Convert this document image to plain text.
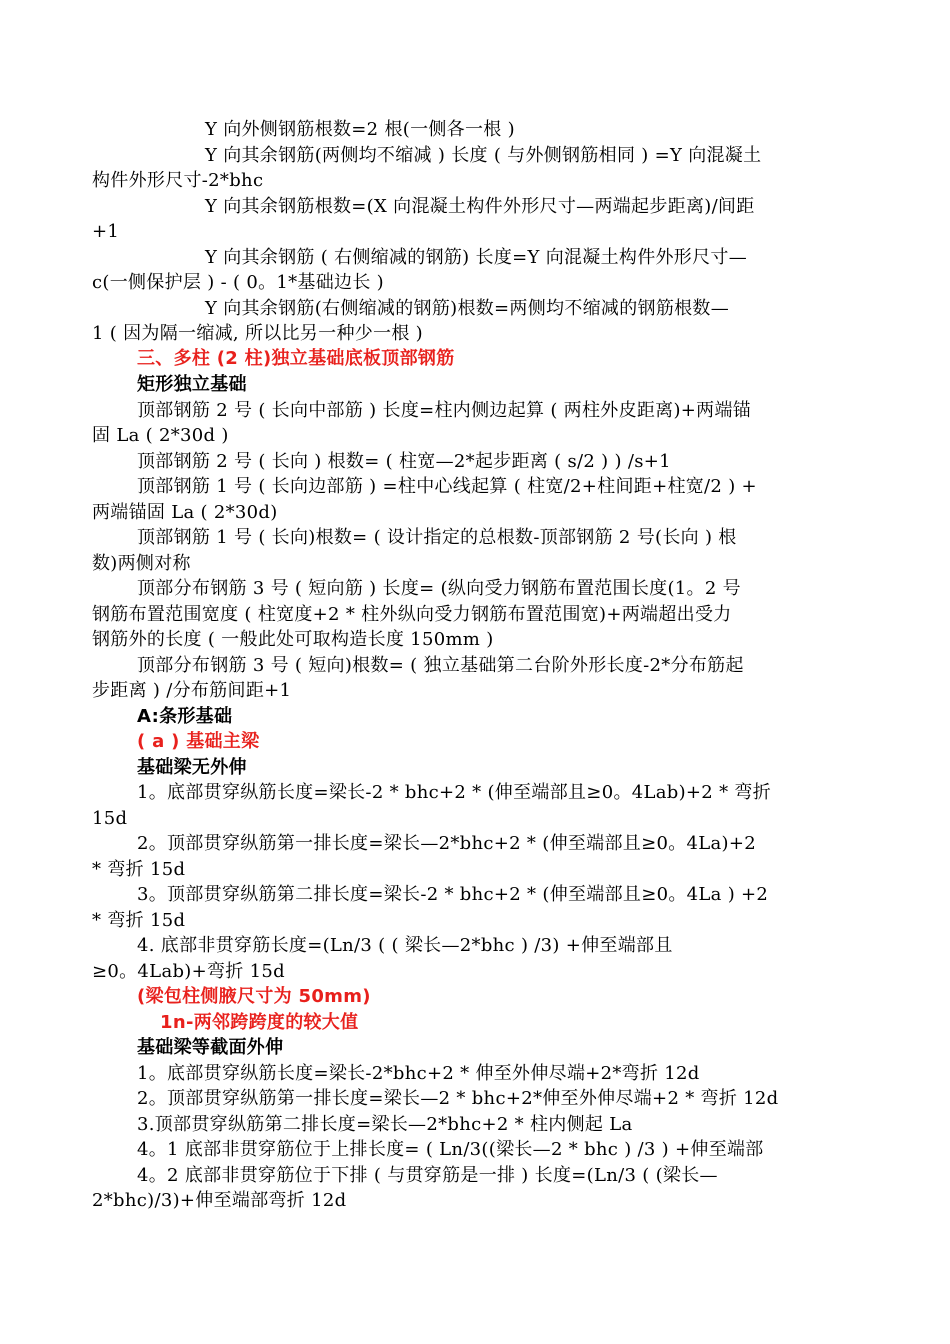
Y 向外侧钢筋根数=2 根(一侧各一根 )
Y 向其余钢筋(两侧均不缩减 ) 长度 ( 与外侧钢筋相同 ) =Y 向混凝土
构件外形尺寸-2*bhc
Y 向其余钢筋根数=(X 向混凝土构件外形尺寸—两端起步距离)/间距
+1
Y 向其余钢筋 ( 右侧缩减的钢筋) 长度=Y 向混凝土构件外形尺寸—
c(一侧保护层 ) - ( 0。1*基础边长 )
Y 向其余钢筋(右侧缩减的钢筋)根数=两侧均不缩减的钢筋根数—
1 ( 因为隔一缩减, 所以比另一种少一根 )
三、多柱 (2 柱)独立基础底板顶部钢筋
矩形独立基础
顶部钢筋 2 号 ( 长向中部筋 ) 长度=柱内侧边起算 ( 两柱外皮距离)+两端锚
固 La ( 2*30d )
顶部钢筋 2 号 ( 长向 ) 根数= ( 柱宽—2*起步距离 ( s/2 ) ) /s+1
顶部钢筋 1 号 ( 长向边部筋 ) =柱中心线起算 ( 柱宽/2+柱间距+柱宽/2 ) +
两端锚固 La ( 2*30d)
顶部钢筋 1 号 ( 长向)根数= ( 设计指定的总根数-顶部钢筋 2 号(长向 ) 根
数)两侧对称
顶部分布钢筋 3 号 ( 短向筋 ) 长度= (纵向受力钢筋布置范围长度(1。2 号
钢筋布置范围宽度 ( 柱宽度+2 * 柱外纵向受力钢筋布置范围宽)+两端超出受力
钢筋外的长度 ( 一般此处可取构造长度 150mm )
顶部分布钢筋 3 号 ( 短向)根数= ( 独立基础第二台阶外形长度-2*分布筋起
步距离 ) /分布筋间距+1
A:条形基础
( a ) 基础主梁
基础梁无外伸
1。底部贯穿纵筋长度=梁长-2 * bhc+2 * (伸至端部且≥0。4Lab)+2 * 弯折
15d
2。顶部贯穿纵筋第一排长度=梁长—2*bhc+2 * (伸至端部且≥0。4La)+2
* 弯折 15d
3。顶部贯穿纵筋第二排长度=梁长-2 * bhc+2 * (伸至端部且≥0。4La ) +2
* 弯折 15d
4. 底部非贯穿筋长度=(Ln/3 ( ( 梁长—2*bhc ) /3) +伸至端部且
≥0。4Lab)+弯折 15d
(梁包柱侧腋尺寸为 50mm)
1n-两邻跨跨度的较大值
基础梁等截面外伸
1。底部贯穿纵筋长度=梁长-2*bhc+2 * 伸至外伸尽端+2*弯折 12d
2。顶部贯穿纵筋第一排长度=梁长—2 * bhc+2*伸至外伸尽端+2 * 弯折 12d
3.顶部贯穿纵筋第二排长度=梁长—2*bhc+2 * 柱内侧起 La
4。1 底部非贯穿筋位于上排长度= ( Ln/3((梁长—2 * bhc ) /3 ) +伸至端部
4。2 底部非贯穿筋位于下排 ( 与贯穿筋是一排 ) 长度=(Ln/3 ( (梁长—
2*bhc)/3)+伸至端部弯折 12d
